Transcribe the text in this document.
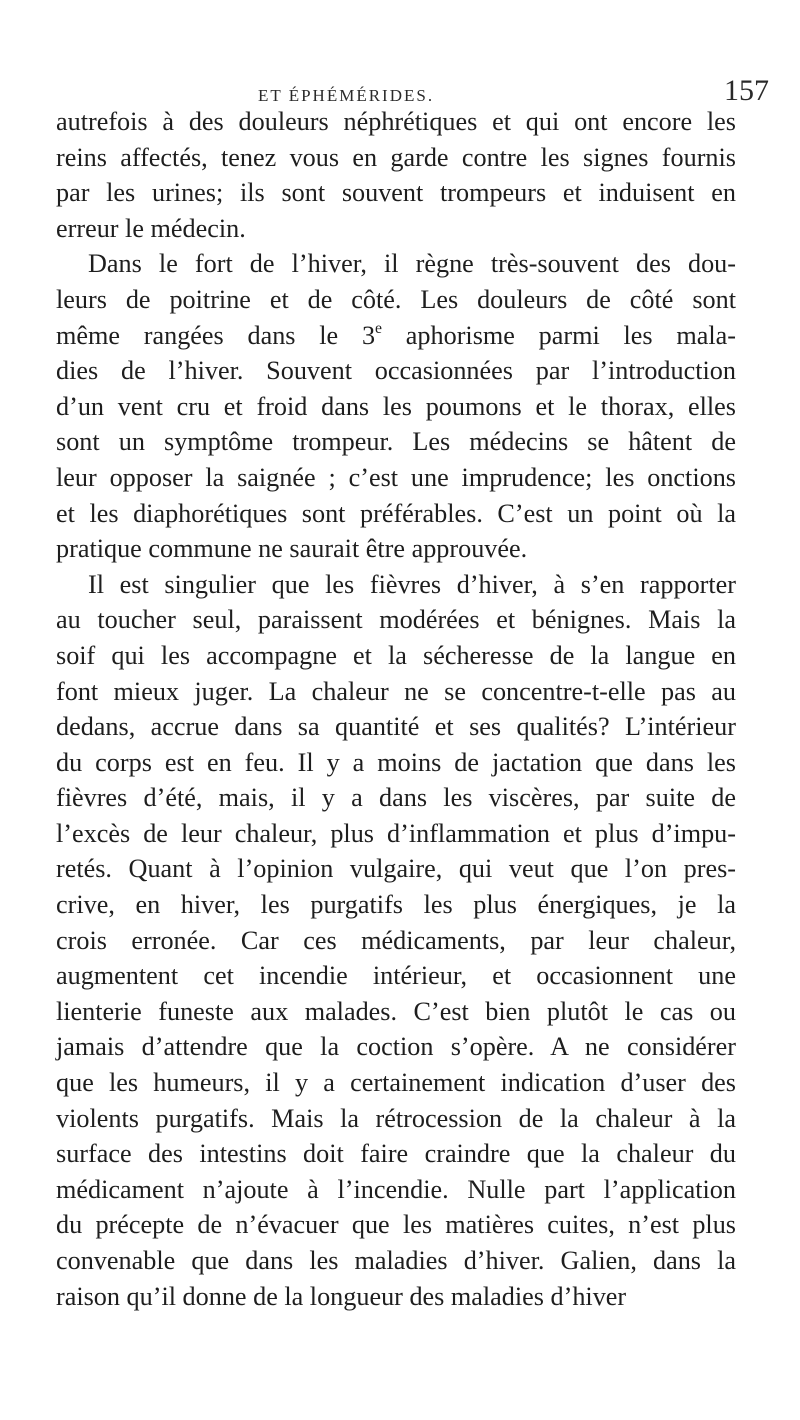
ET ÉPHÉMÉRIDES.	157
autrefois à des douleurs néphrétiques et qui ont encore les
reins affectés, tenez vous en garde contre les signes fournis
par les urines; ils sont souvent trompeurs et induisent en
erreur le médecin.
Dans le fort de l’hiver, il règne très-souvent des dou-
leurs de poitrine et de côté. Les douleurs de côté sont
même rangées dans le 3e aphorisme parmi les mala-
dies de l’hiver. Souvent occasionnées par l’introduction
d’un vent cru et froid dans les poumons et le thorax, elles
sont un symptôme trompeur. Les médecins se hâtent de
leur opposer la saignée ; c’est une imprudence; les onctions
et les diaphorétiques sont préférables. C’est un point où la
pratique commune ne saurait être approuvée.
Il est singulier que les fièvres d’hiver, à s’en rapporter
au toucher seul, paraissent modérées et bénignes. Mais la
soif qui les accompagne et la sécheresse de la langue en
font mieux juger. La chaleur ne se concentre-t-elle pas au
dedans, accrue dans sa quantité et ses qualités? L’intérieur
du corps est en feu. Il y a moins de jactation que dans les
fièvres d’été, mais, il y a dans les viscères, par suite de
l’excès de leur chaleur, plus d’inflammation et plus d’impu-
retés. Quant à l’opinion vulgaire, qui veut que l’on pres-
crive, en hiver, les purgatifs les plus énergiques, je la
crois erronée. Car ces médicaments, par leur chaleur,
augmentent cet incendie intérieur, et occasionnent une
lienterie funeste aux malades. C’est bien plutôt le cas ou
jamais d’attendre que la coction s’opère. A ne considérer
que les humeurs, il y a certainement indication d’user des
violents purgatifs. Mais la rétrocession de la chaleur à la
surface des intestins doit faire craindre que la chaleur du
médicament n’ajoute à l’incendie. Nulle part l’application
du précepte de n’évacuer que les matières cuites, n’est plus
convenable que dans les maladies d’hiver. Galien, dans la
raison qu’il donne de la longueur des maladies d’hiver
